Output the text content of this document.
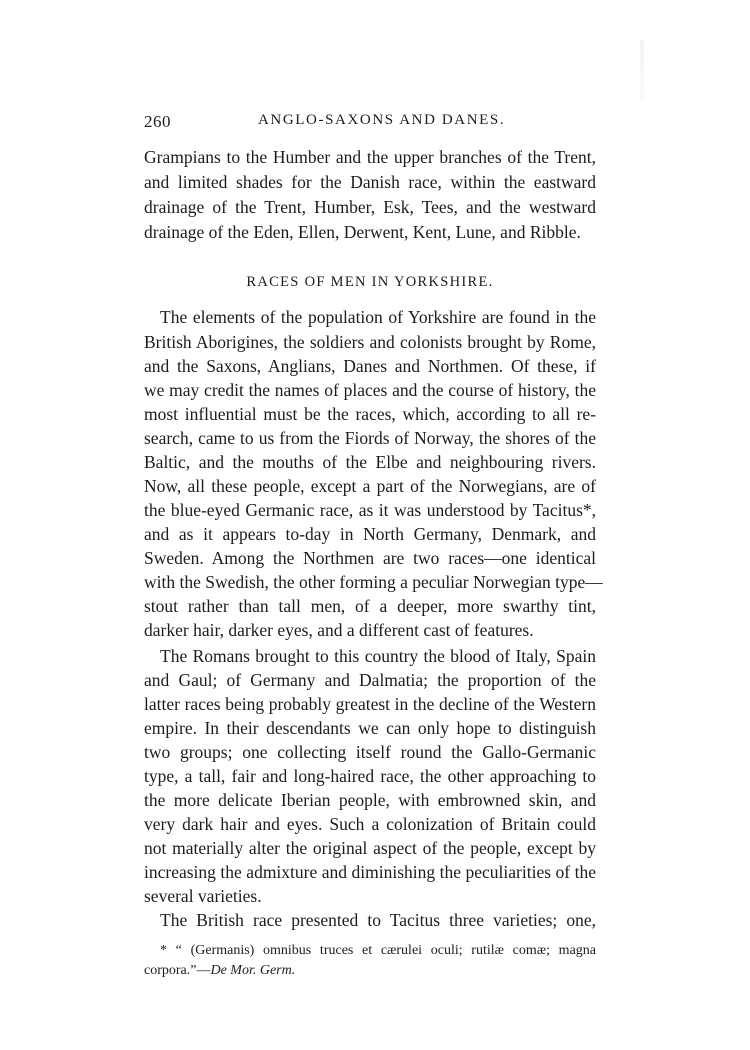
260	ANGLO-SAXONS AND DANES.
Grampians to the Humber and the upper branches of the Trent,
and limited shades for the Danish race, within the eastward
drainage of the Trent, Humber, Esk, Tees, and the westward
drainage of the Eden, Ellen, Derwent, Kent, Lune, and Ribble.
RACES OF MEN IN YORKSHIRE.
The elements of the population of Yorkshire are found in the
British Aborigines, the soldiers and colonists brought by Rome,
and the Saxons, Anglians, Danes and Northmen. Of these, if
we may credit the names of places and the course of history, the
most influential must be the races, which, according to all re-
search, came to us from the Fiords of Norway, the shores of the
Baltic, and the mouths of the Elbe and neighbouring rivers.
Now, all these people, except a part of the Norwegians, are of
the blue-eyed Germanic race, as it was understood by Tacitus*,
and as it appears to-day in North Germany, Denmark, and
Sweden. Among the Northmen are two races—one identical
with the Swedish, the other forming a peculiar Norwegian type—
stout rather than tall men, of a deeper, more swarthy tint,
darker hair, darker eyes, and a different cast of features.
The Romans brought to this country the blood of Italy, Spain
and Gaul; of Germany and Dalmatia; the proportion of the
latter races being probably greatest in the decline of the Western
empire. In their descendants we can only hope to distinguish
two groups; one collecting itself round the Gallo-Germanic
type, a tall, fair and long-haired race, the other approaching to
the more delicate Iberian people, with embrowned skin, and
very dark hair and eyes. Such a colonization of Britain could
not materially alter the original aspect of the people, except by
increasing the admixture and diminishing the peculiarities of the
several varieties.
The British race presented to Tacitus three varieties; one,
* “ (Germanis) omnibus truces et cærulei oculi; rutilæ comæ; magna
corpora.”—De Mor. Germ.
